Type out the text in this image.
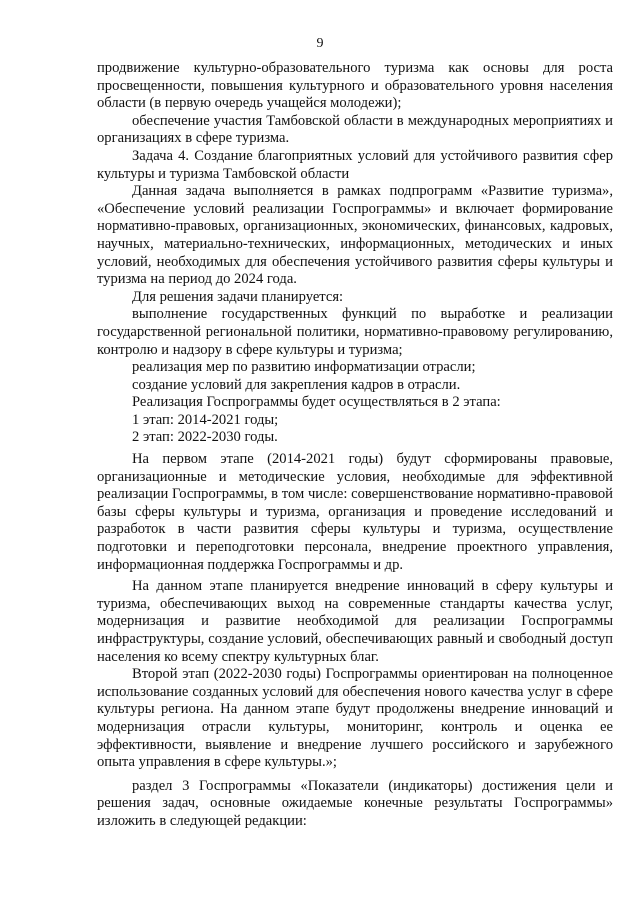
9

продвижение культурно-образовательного туризма как основы для роста просвещенности, повышения культурного и образовательного уровня населения области (в первую очередь учащейся молодежи);

обеспечение участия Тамбовской области в международных мероприятиях и организациях в сфере туризма.

Задача 4. Создание благоприятных условий для устойчивого развития сфер культуры и туризма Тамбовской области

Данная задача выполняется в рамках подпрограмм «Развитие туризма», «Обеспечение условий реализации Госпрограммы» и включает формирование нормативно-правовых, организационных, экономических, финансовых, кадровых, научных, материально-технических, информационных, методических и иных условий, необходимых для обеспечения устойчивого развития сферы культуры и туризма на период до 2024 года.

Для решения задачи планируется:

выполнение государственных функций по выработке и реализации государственной региональной политики, нормативно-правовому регулированию, контролю и надзору в сфере культуры и туризма;

реализация мер по развитию информатизации отрасли;

создание условий для закрепления кадров в отрасли.

Реализация Госпрограммы будет осуществляться в 2 этапа:

1 этап: 2014-2021 годы;

2 этап: 2022-2030 годы.

На первом этапе (2014-2021 годы) будут сформированы правовые, организационные и методические условия, необходимые для эффективной реализации Госпрограммы, в том числе: совершенствование нормативно-правовой базы сферы культуры и туризма, организация и проведение исследований и разработок в части развития сферы культуры и туризма, осуществление подготовки и переподготовки персонала, внедрение проектного управления, информационная поддержка Госпрограммы и др.

На данном этапе планируется внедрение инноваций в сферу культуры и туризма, обеспечивающих выход на современные стандарты качества услуг, модернизация и развитие необходимой для реализации Госпрограммы инфраструктуры, создание условий, обеспечивающих равный и свободный доступ населения ко всему спектру культурных благ.

Второй этап (2022-2030 годы) Госпрограммы ориентирован на полноценное использование созданных условий для обеспечения нового качества услуг в сфере культуры региона. На данном этапе будут продолжены внедрение инноваций и модернизация отрасли культуры, мониторинг, контроль и оценка ее эффективности, выявление и внедрение лучшего российского и зарубежного опыта управления в сфере культуры.»;

раздел 3 Госпрограммы «Показатели (индикаторы) достижения цели и решения задач, основные ожидаемые конечные результаты Госпрограммы» изложить в следующей редакции:
